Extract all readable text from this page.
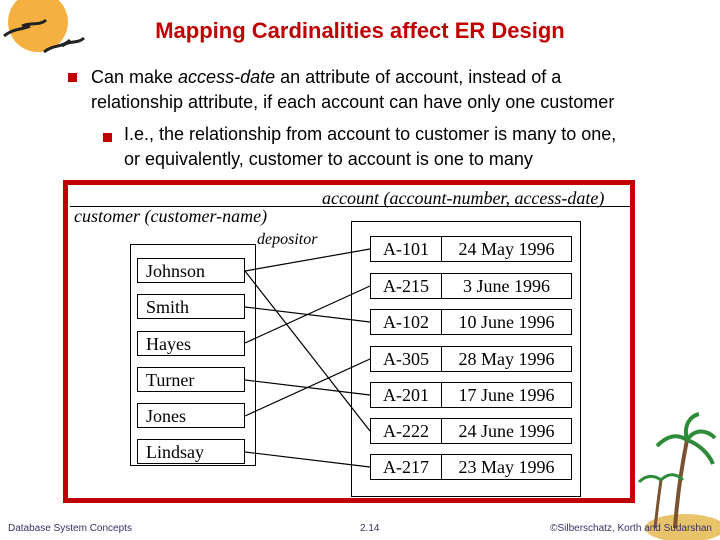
Mapping Cardinalities affect ER Design
Can make access-date an attribute of account, instead of a
relationship attribute, if each account can have only one customer
I.e., the relationship from account to customer is many to one,
or equivalently, customer to account is one to many
account (account-number, access-date)
customer (customer-name)
depositor
Johnson
Smith
Hayes
Turner
Jones
Lindsay
A-101	24 May 1996
A-215	3 June 1996
A-102	10 June 1996
A-305	28 May 1996
A-201	17 June 1996
A-222	24 June 1996
A-217	23 May 1996
Database System Concepts	2.14	©Silberschatz, Korth and Sudarshan
